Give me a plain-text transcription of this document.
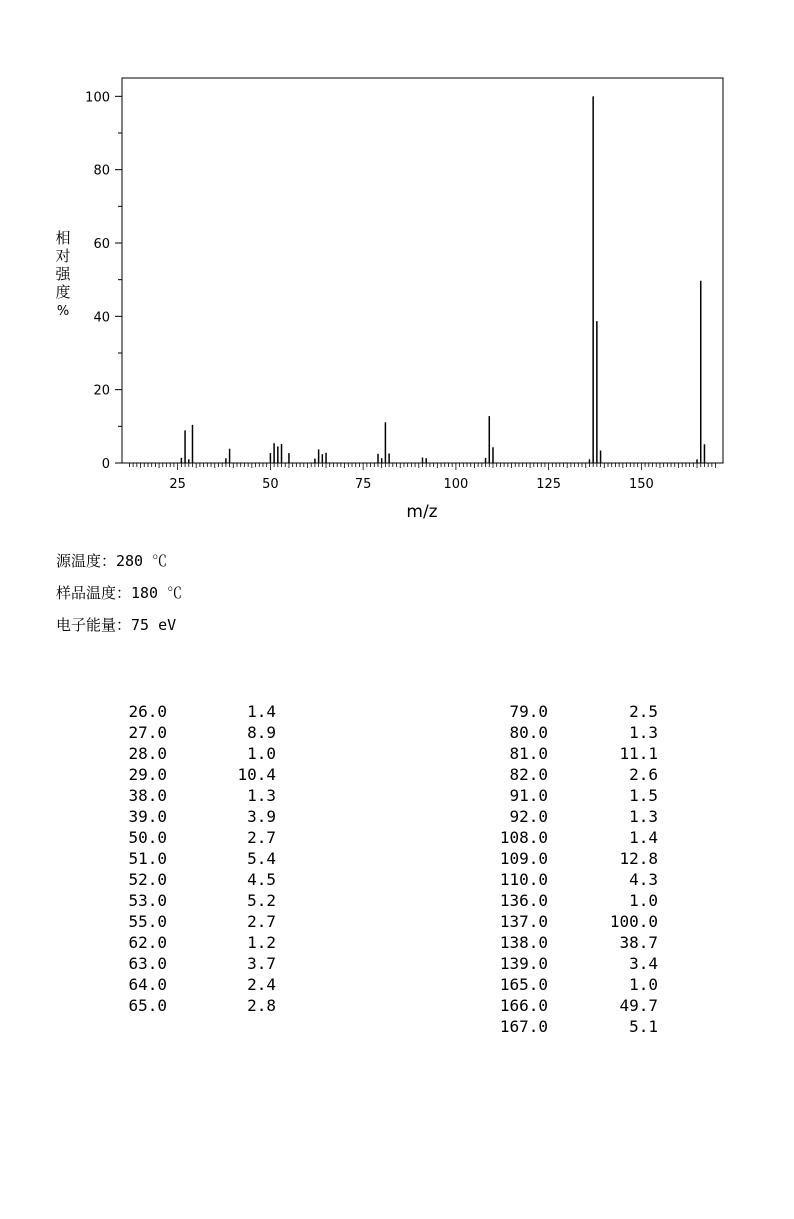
0
20
40
60
80
100
25	50	75	100	125	150
m/z
相对强度%
源温度：280 ℃
样品温度：180 ℃
电子能量：75 eV
26.0	1.4
27.0	8.9
28.0	1.0
29.0	10.4
38.0	1.3
39.0	3.9
50.0	2.7
51.0	5.4
52.0	4.5
53.0	5.2
55.0	2.7
62.0	1.2
63.0	3.7
64.0	2.4
65.0	2.8
79.0	2.5
80.0	1.3
81.0	11.1
82.0	2.6
91.0	1.5
92.0	1.3
108.0	1.4
109.0	12.8
110.0	4.3
136.0	1.0
137.0	100.0
138.0	38.7
139.0	3.4
165.0	1.0
166.0	49.7
167.0	5.1
